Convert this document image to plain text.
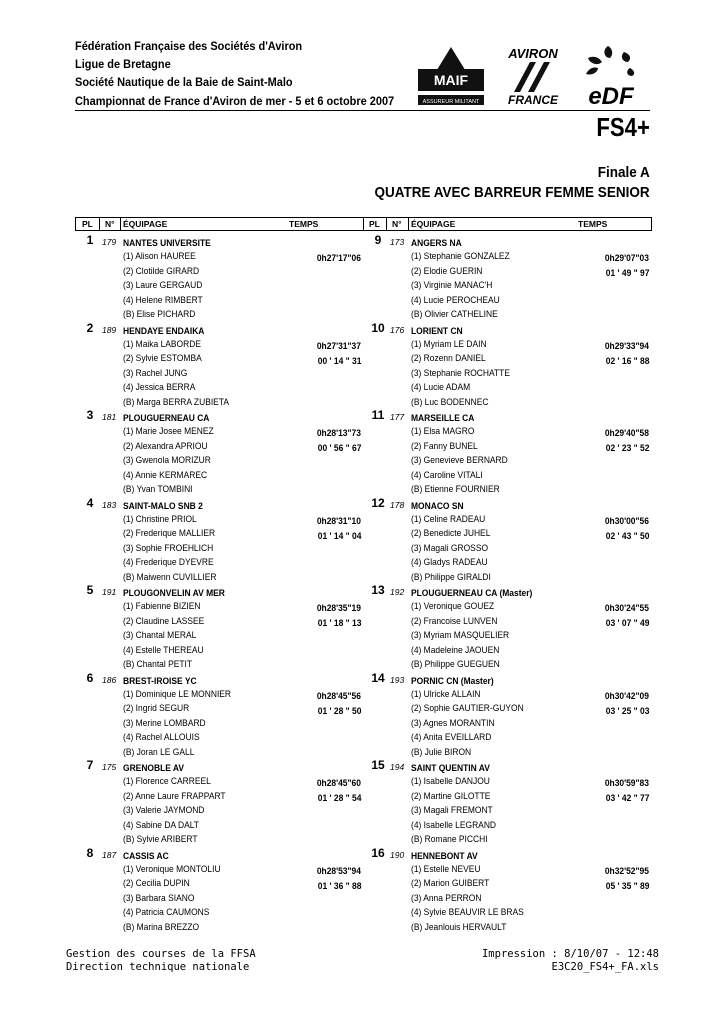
Fédération Française des Sociétés d'Aviron
Ligue de Bretagne
Société Nautique de la Baie de Saint-Malo
Championnat de France d'Aviron de mer - 5 et 6 octobre 2007
MAIF
ASSUREUR MILITANT
AVIRON
FRANCE eDF
FS4+
Finale A
QUATRE AVEC BARREUR FEMME SENIOR
PL N° ÉQUIPAGE	TEMPS	PL N° ÉQUIPAGE	TEMPS
1	179 NANTES UNIVERSITE
(1) Alison HAUREE
(2) Clotilde GIRARD
(3) Laure GERGAUD
(4) Helene RIMBERT
(B) Elise PICHARD
0h27'17"06
2	189 HENDAYE ENDAIKA
(1) Maika LABORDE
(2) Sylvie ESTOMBA
(3) Rachel JUNG
(4) Jessica BERRA
(B) Marga BERRA ZUBIETA
0h27'31"37
00 ' 14 " 31
3	181 PLOUGUERNEAU CA
(1) Marie Josee MENEZ
(2) Alexandra APRIOU
(3) Gwenola MORIZUR
(4) Annie KERMAREC
(B) Yvan TOMBINI
0h28'13"73
00 ' 56 " 67
4	183 SAINT-MALO SNB 2
(1) Christine PRIOL
(2) Frederique MALLIER
(3) Sophie FROEHLICH
(4) Frederique DYEVRE
(B) Maiwenn CUVILLIER
0h28'31"10
01 ' 14 " 04
5	191 PLOUGONVELIN AV MER
(1) Fabienne BIZIEN
(2) Claudine LASSEE
(3) Chantal MERAL
(4) Estelle THEREAU
(B) Chantal PETIT
0h28'35"19
01 ' 18 " 13
6	186 BREST-IROISE YC
(1) Dominique LE MONNIER
(2) Ingrid SEGUR
(3) Merine LOMBARD
(4) Rachel ALLOUIS
(B) Joran LE GALL
0h28'45"56
01 ' 28 " 50
7	175 GRENOBLE AV
(1) Florence CARREEL
(2) Anne Laure FRAPPART
(3) Valerie JAYMOND
(4) Sabine DA DALT
(B) Sylvie ARIBERT
0h28'45"60
01 ' 28 " 54
8	187 CASSIS AC
(1) Veronique MONTOLIU
(2) Cecilia DUPIN
(3) Barbara SIANO
(4) Patricia CAUMONS
(B) Marina BREZZO
0h28'53"94
01 ' 36 " 88
9	173 ANGERS NA
(1) Stephanie GONZALEZ
(2) Elodie GUERIN
(3) Virginie MANAC'H
(4) Lucie PEROCHEAU
(B) Olivier CATHELINE
0h29'07"03
01 ' 49 " 97
10 176 LORIENT CN
(1) Myriam LE DAIN
(2) Rozenn DANIEL
(3) Stephanie ROCHATTE
(4) Lucie ADAM
(B) Luc BODENNEC
0h29'33"94
02 ' 16 " 88
11 177 MARSEILLE CA
(1) Elsa MAGRO
(2) Fanny BUNEL
(3) Genevieve BERNARD
(4) Caroline VITALI
(B) Etienne FOURNIER
0h29'40"58
02 ' 23 " 52
12 178 MONACO SN
(1) Celine RADEAU
(2) Benedicte JUHEL
(3) Magali GROSSO
(4) Gladys RADEAU
(B) Philippe GIRALDI
0h30'00"56
02 ' 43 " 50
13 192 PLOUGUERNEAU CA (Master)
(1) Veronique GOUEZ
(2) Francoise LUNVEN
(3) Myriam MASQUELIER
(4) Madeleine JAOUEN
(B) Philippe GUEGUEN
0h30'24"55
03 ' 07 " 49
14 193 PORNIC CN (Master)
(1) Ulricke ALLAIN
(2) Sophie GAUTIER-GUYON
(3) Agnes MORANTIN
(4) Anita EVEILLARD
(B) Julie BIRON
0h30'42"09
03 ' 25 " 03
15 194 SAINT QUENTIN AV
(1) Isabelle DANJOU
(2) Martine GILOTTE
(3) Magali FREMONT
(4) Isabelle LEGRAND
(B) Romane PICCHI
0h30'59"83
03 ' 42 " 77
16 190 HENNEBONT AV
(1) Estelle NEVEU
(2) Marion GUIBERT
(3) Anna PERRON
(4) Sylvie BEAUVIR LE BRAS
(B) Jeanlouis HERVAULT
0h32'52"95
05 ' 35 " 89
Gestion des courses de la FFSA
Direction technique nationale
Impression : 8/10/07 - 12:48
E3C20_FS4+_FA.xls
